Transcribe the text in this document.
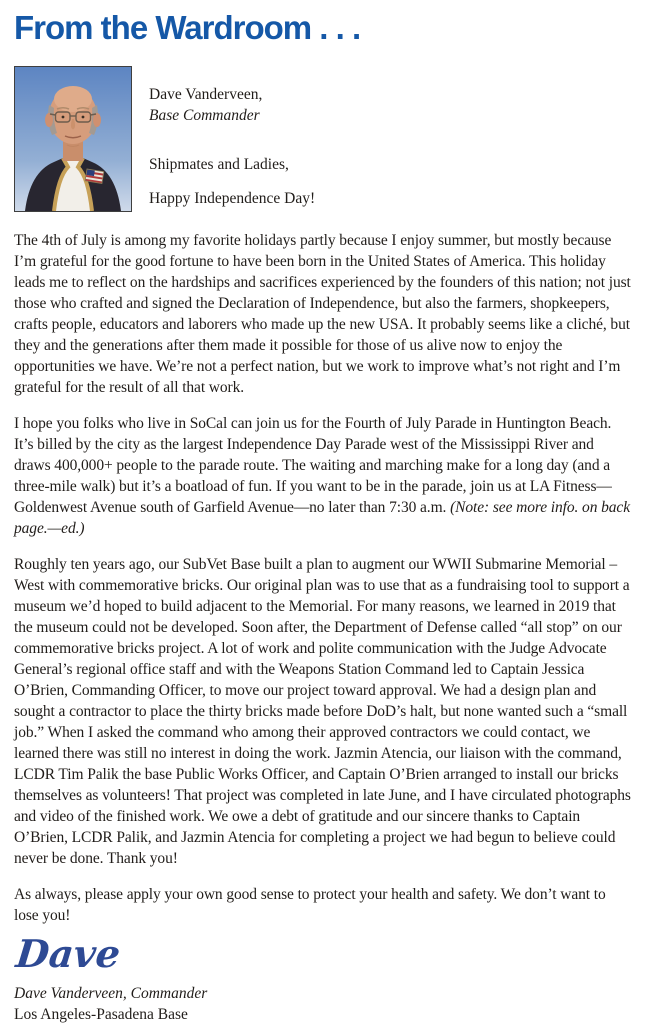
From the Wardroom . . .
Dave Vanderveen,
Base Commander
Shipmates and Ladies,
Happy Independence Day!

The 4th of July is among my favorite holidays partly because I enjoy summer, but mostly because I’m grateful for the good fortune to have been born in the United States of America. This holiday leads me to reflect on the hardships and sacrifices experienced by the founders of this nation; not just those who crafted and signed the Declaration of Independence, but also the farmers, shopkeepers, crafts people, educators and laborers who made up the new USA. It probably seems like a cliché, but they and the generations after them made it possible for those of us alive now to enjoy the opportunities we have. We’re not a perfect nation, but we work to improve what’s not right and I’m grateful for the result of all that work.

I hope you folks who live in SoCal can join us for the Fourth of July Parade in Huntington Beach. It’s billed by the city as the largest Independence Day Parade west of the Mississippi River and draws 400,000+ people to the parade route. The waiting and marching make for a long day (and a three-mile walk) but it’s a boatload of fun. If you want to be in the parade, join us at LA Fitness—Goldenwest Avenue south of Garfield Avenue—no later than 7:30 a.m. (Note: see more info. on back page.—ed.)

Roughly ten years ago, our SubVet Base built a plan to augment our WWII Submarine Memorial – West with commemorative bricks. Our original plan was to use that as a fundraising tool to support a museum we’d hoped to build adjacent to the Memorial. For many reasons, we learned in 2019 that the museum could not be developed. Soon after, the Department of Defense called “all stop” on our commemorative bricks project. A lot of work and polite communication with the Judge Advocate General’s regional office staff and with the Weapons Station Command led to Captain Jessica O’Brien, Commanding Officer, to move our project toward approval. We had a design plan and sought a contractor to place the thirty bricks made before DoD’s halt, but none wanted such a “small job.” When I asked the command who among their approved contractors we could contact, we learned there was still no interest in doing the work. Jazmin Atencia, our liaison with the command, LCDR Tim Palik the base Public Works Officer, and Captain O’Brien arranged to install our bricks themselves as volunteers! That project was completed in late June, and I have circulated photographs and video of the finished work. We owe a debt of gratitude and our sincere thanks to Captain O’Brien, LCDR Palik, and Jazmin Atencia for completing a project we had begun to believe could never be done. Thank you!

As always, please apply your own good sense to protect your health and safety. We don’t want to lose you!

Dave
Dave Vanderveen, Commander
Los Angeles-Pasadena Base
